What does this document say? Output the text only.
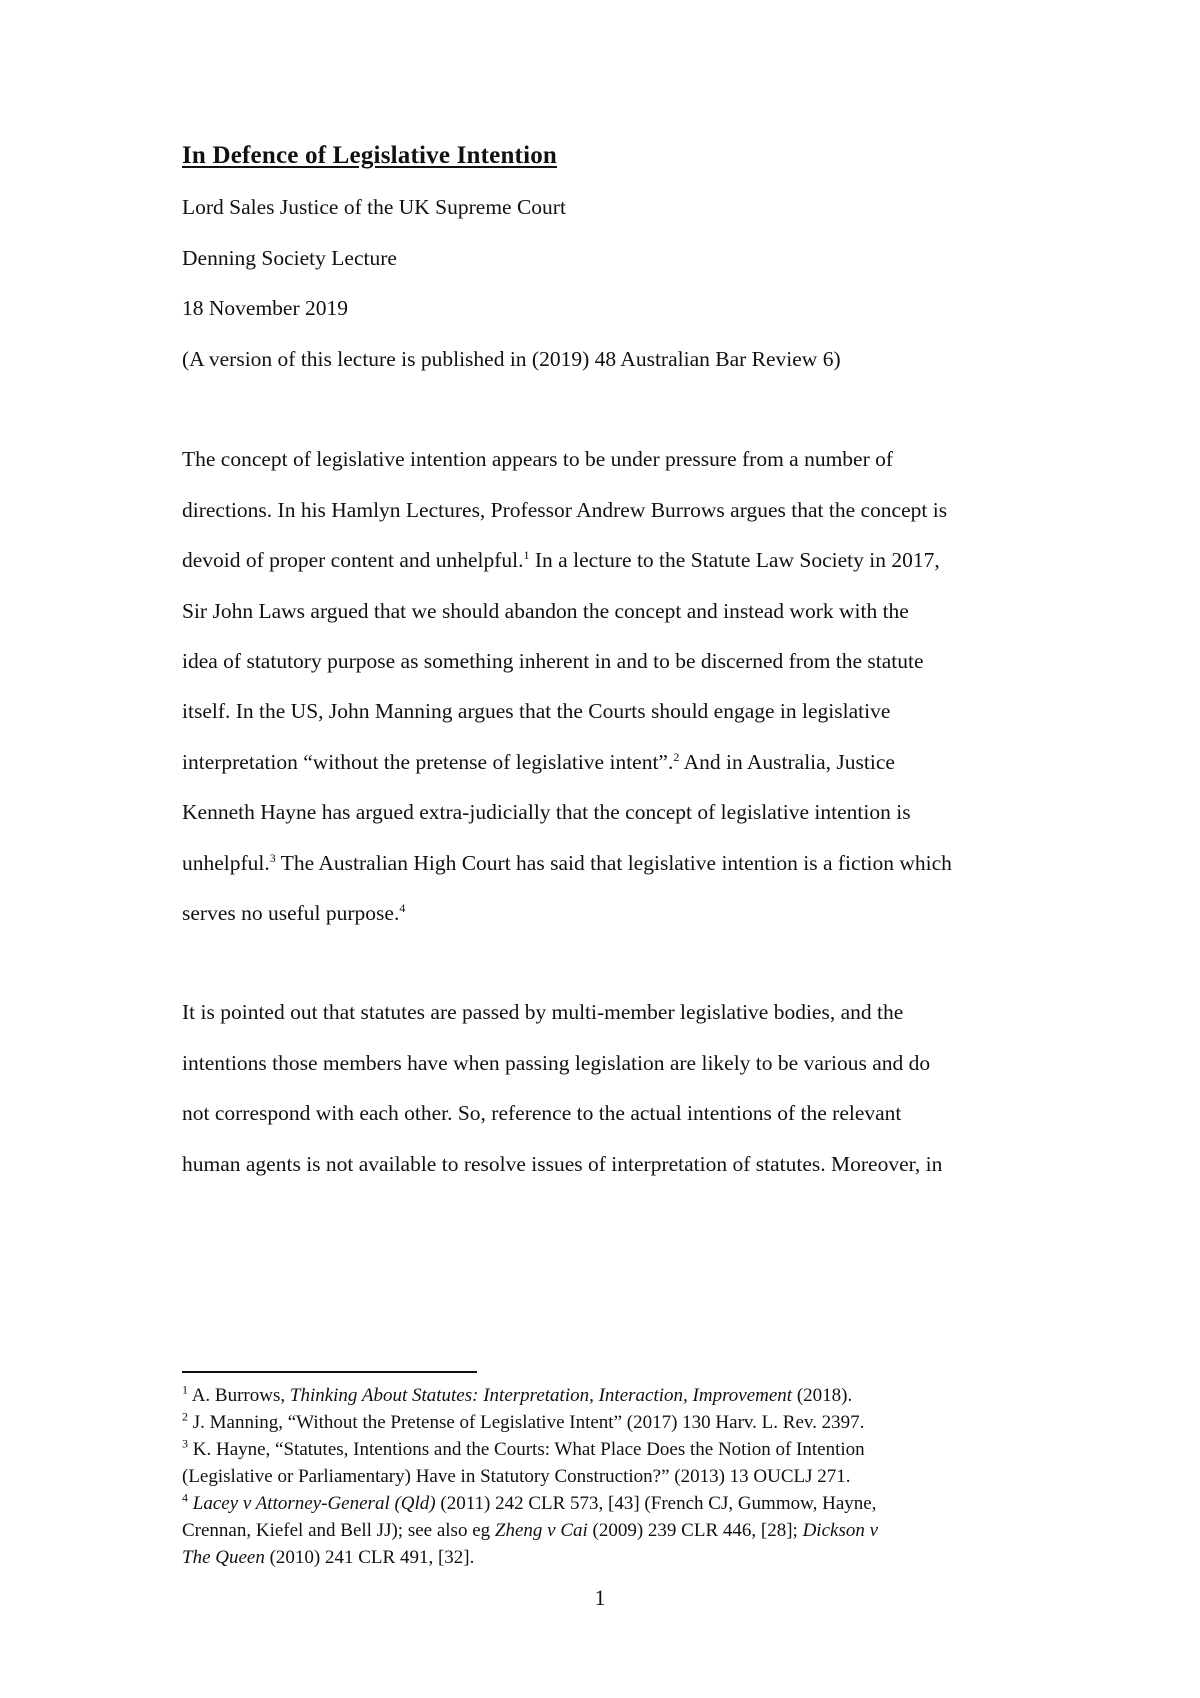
In Defence of Legislative Intention

Lord Sales Justice of the UK Supreme Court

Denning Society Lecture

18 November 2019

(A version of this lecture is published in (2019) 48 Australian Bar Review 6)

The concept of legislative intention appears to be under pressure from a number of
directions. In his Hamlyn Lectures, Professor Andrew Burrows argues that the concept is
devoid of proper content and unhelpful.$^1$ In a lecture to the Statute Law Society in 2017,
Sir John Laws argued that we should abandon the concept and instead work with the
idea of statutory purpose as something inherent in and to be discerned from the statute
itself. In the US, John Manning argues that the Courts should engage in legislative
interpretation “without the pretense of legislative intent”.$^2$ And in Australia, Justice
Kenneth Hayne has argued extra-judicially that the concept of legislative intention is
unhelpful.$^3$ The Australian High Court has said that legislative intention is a fiction which
serves no useful purpose.$^4$
It is pointed out that statutes are passed by multi-member legislative bodies, and the
intentions those members have when passing legislation are likely to be various and do
not correspond with each other. So, reference to the actual intentions of the relevant
human agents is not available to resolve issues of interpretation of statutes. Moreover, in

$^1$ A. Burrows, Thinking About Statutes: Interpretation, Interaction, Improvement (2018).

$^2$ J. Manning, “Without the Pretense of Legislative Intent” (2017) 130 Harv. L. Rev. 2397.

$^3$ K. Hayne, “Statutes, Intentions and the Courts: What Place Does the Notion of Intention
(Legislative or Parliamentary) Have in Statutory Construction?” (2013) 13 OUCLJ 271.

$^4$ Lacey v Attorney-General (Qld) (2011) 242 CLR 573, [43] (French CJ, Gummow, Hayne,
Crennan, Kiefel and Bell JJ); see also eg Zheng v Cai (2009) 239 CLR 446, [28]; Dickson v
The Queen (2010) 241 CLR 491, [32].

1
